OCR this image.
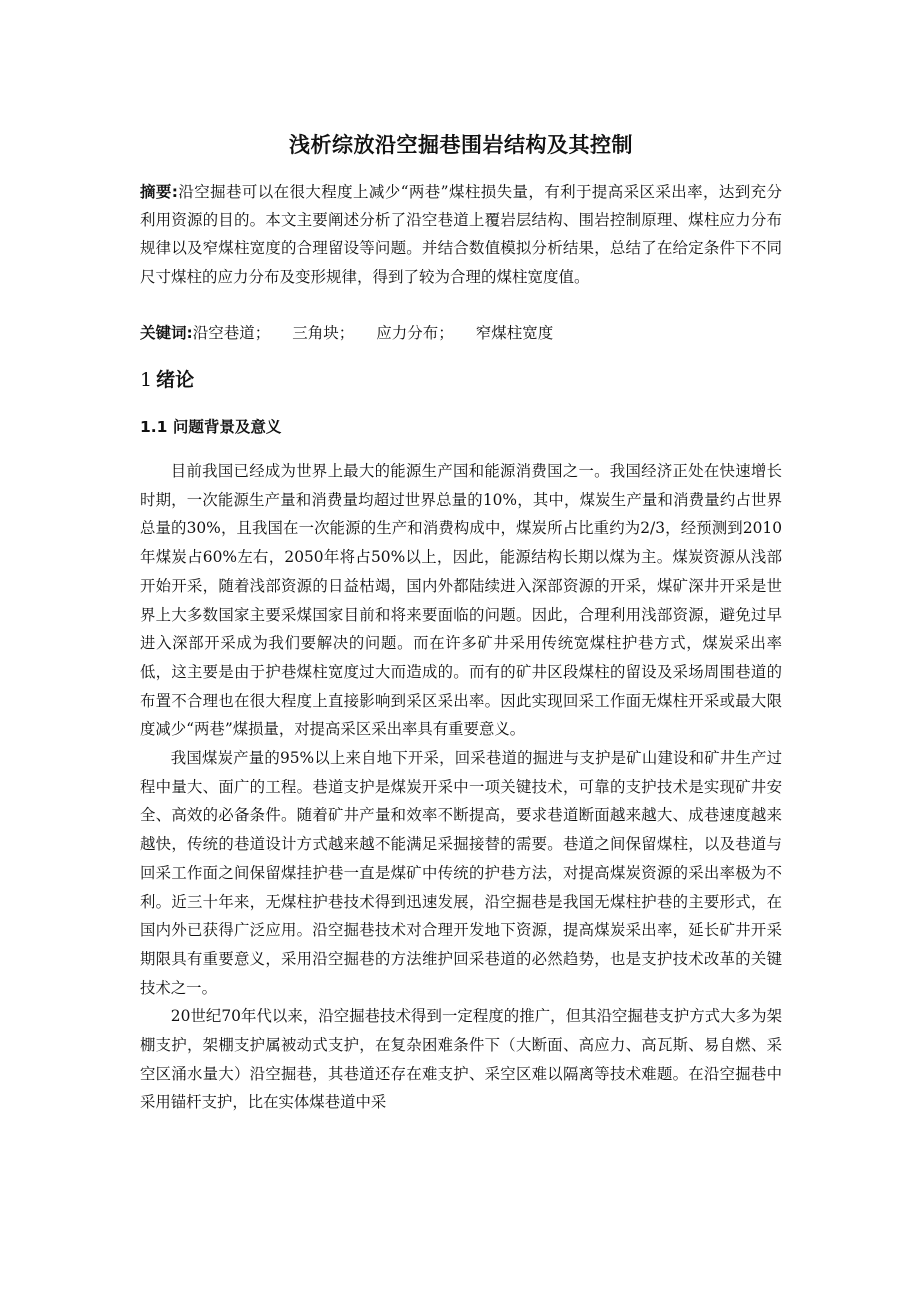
浅析综放沿空掘巷围岩结构及其控制
摘要:沿空掘巷可以在很大程度上减少“两巷”煤柱损失量，有利于提高采区采出率，达到充分利用资源的目的。本文主要阐述分析了沿空巷道上覆岩层结构、围岩控制原理、煤柱应力分布规律以及窄煤柱宽度的合理留设等问题。并结合数值模拟分析结果，总结了在给定条件下不同尺寸煤柱的应力分布及变形规律，得到了较为合理的煤柱宽度值。
关键词:沿空巷道； 三角块； 应力分布； 窄煤柱宽度
1 绪论
1.1 问题背景及意义

目前我国已经成为世界上最大的能源生产国和能源消费国之一。我国经济正处在快速增长时期，一次能源生产量和消费量均超过世界总量的10%，其中，煤炭生产量和消费量约占世界总量的30%，且我国在一次能源的生产和消费构成中，煤炭所占比重约为2/3，经预测到2010年煤炭占60%左右，2050年将占50%以上，因此，能源结构长期以煤为主。煤炭资源从浅部开始开采，随着浅部资源的日益枯竭，国内外都陆续进入深部资源的开采，煤矿深井开采是世界上大多数国家主要采煤国家目前和将来要面临的问题。因此，合理利用浅部资源，避免过早进入深部开采成为我们要解决的问题。而在许多矿井采用传统宽煤柱护巷方式，煤炭采出率低，这主要是由于护巷煤柱宽度过大而造成的。而有的矿井区段煤柱的留设及采场周围巷道的布置不合理也在很大程度上直接影响到采区采出率。因此实现回采工作面无煤柱开采或最大限度减少“两巷”煤损量，对提高采区采出率具有重要意义。

我国煤炭产量的95%以上来自地下开采，回采巷道的掘进与支护是矿山建设和矿井生产过程中量大、面广的工程。巷道支护是煤炭开采中一项关键技术，可靠的支护技术是实现矿井安全、高效的必备条件。随着矿井产量和效率不断提高，要求巷道断面越来越大、成巷速度越来越快，传统的巷道设计方式越来越不能满足采掘接替的需要。巷道之间保留煤柱，以及巷道与回采工作面之间保留煤挂护巷一直是煤矿中传统的护巷方法，对提高煤炭资源的采出率极为不利。近三十年来，无煤柱护巷技术得到迅速发展，沿空掘巷是我国无煤柱护巷的主要形式，在国内外已获得广泛应用。沿空掘巷技术对合理开发地下资源，提高煤炭采出率，延长矿井开采期限具有重要意义，采用沿空掘巷的方法维护回采巷道的必然趋势，也是支护技术改革的关键技术之一。

20世纪70年代以来，沿空掘巷技术得到一定程度的推广，但其沿空掘巷支护方式大多为架棚支护，架棚支护属被动式支护，在复杂困难条件下（大断面、高应力、高瓦斯、易自燃、采空区涌水量大）沿空掘巷，其巷道还存在难支护、采空区难以隔离等技术难题。在沿空掘巷中采用锚杆支护，比在实体煤巷道中采
